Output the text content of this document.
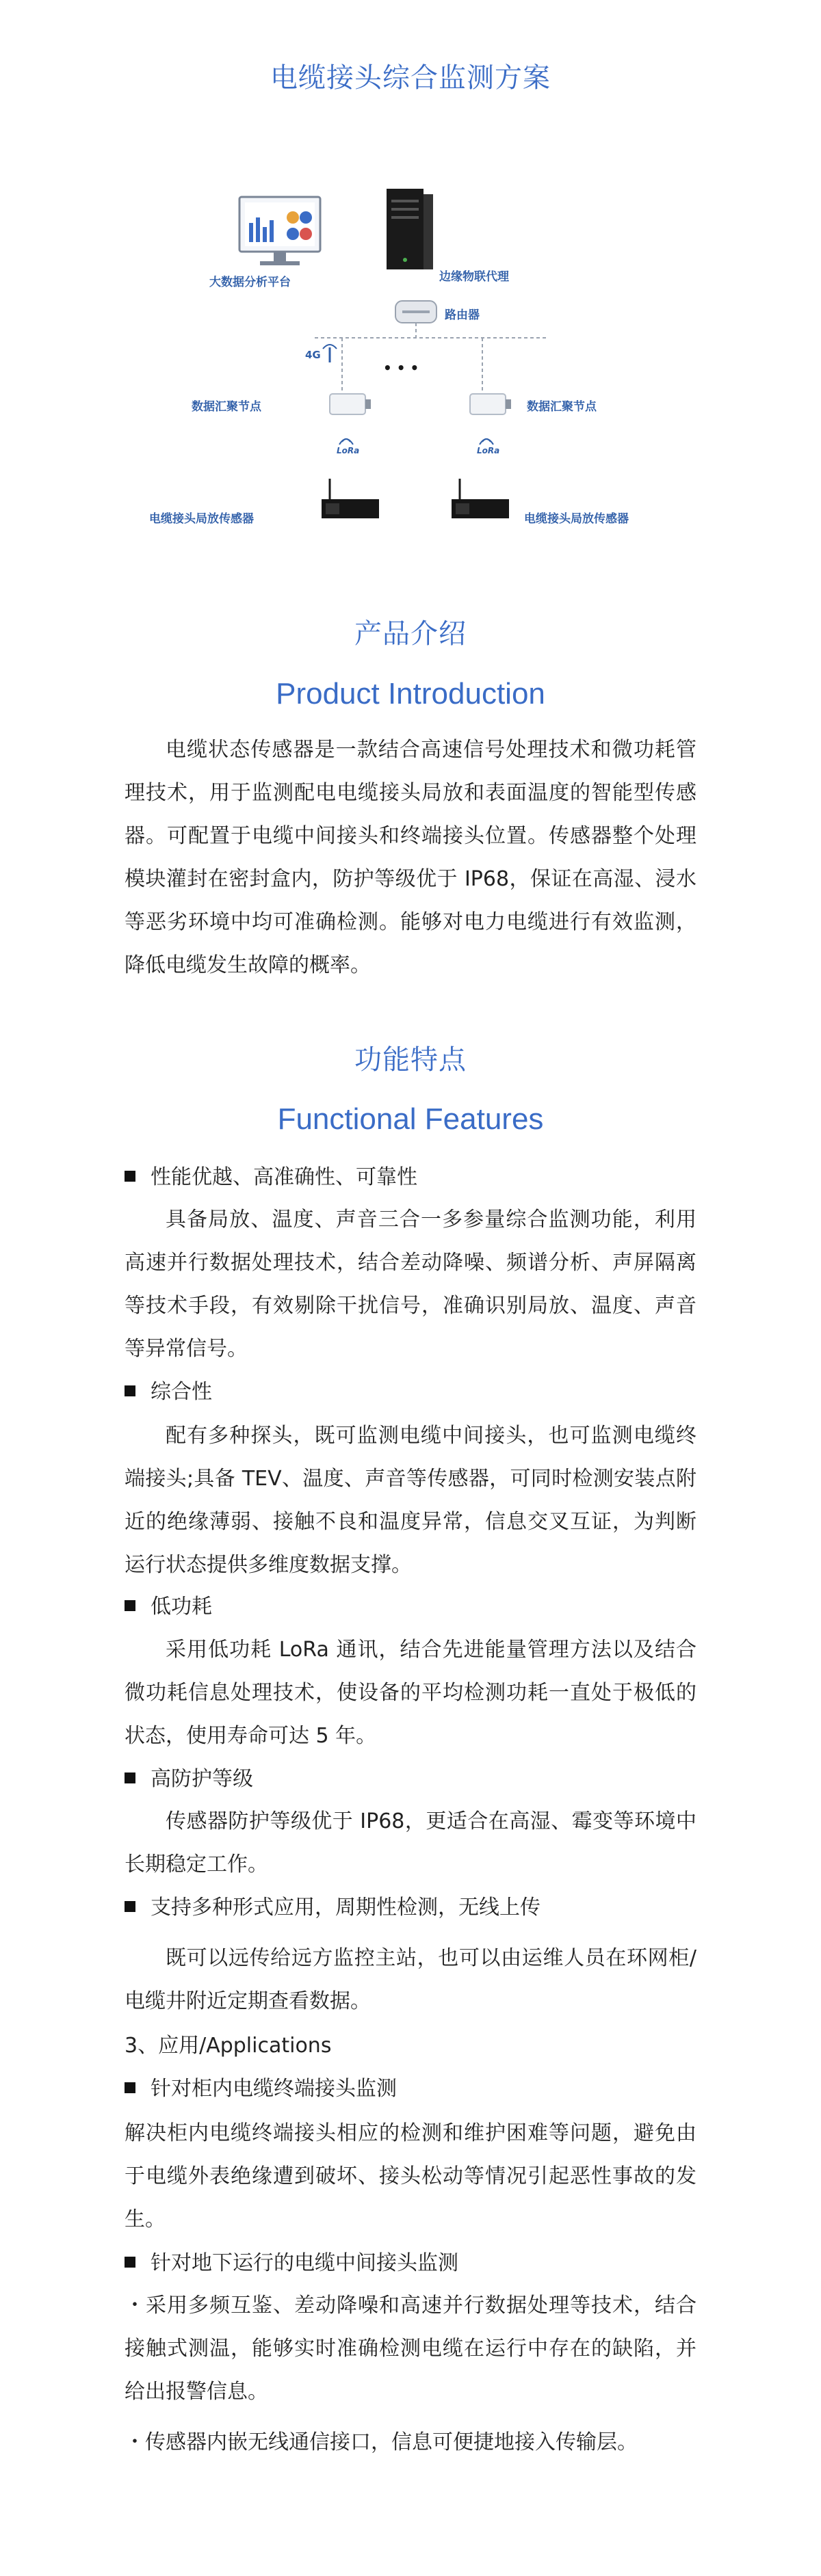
电缆接头综合监测方案
大数据分析平台	边缘物联代理
路由器
4G
• • •
数据汇聚节点	数据汇聚节点
LoRa	LoRa
电缆接头局放传感器	电缆接头局放传感器
产品介绍
Product Introduction

电缆状态传感器是一款结合高速信号处理技术和微功耗管理技术，用于监测配电电缆接头局放和表面温度的智能型传感器。可配置于电缆中间接头和终端接头位置。传感器整个处理模块灌封在密封盒内，防护等级优于 IP68，保证在高湿、浸水等恶劣环境中均可准确检测。能够对电力电缆进行有效监测，降低电缆发生故障的概率。

功能特点
Functional Features
性能优越、高准确性、可靠性

具备局放、温度、声音三合一多参量综合监测功能，利用高速并行数据处理技术，结合差动降噪、频谱分析、声屏隔离等技术手段，有效剔除干扰信号，准确识别局放、温度、声音等异常信号。

综合性

配有多种探头，既可监测电缆中间接头，也可监测电缆终端接头;具备 TEV、温度、声音等传感器，可同时检测安装点附近的绝缘薄弱、接触不良和温度异常，信息交叉互证，为判断运行状态提供多维度数据支撑。

低功耗

采用低功耗 LoRa 通讯，结合先进能量管理方法以及结合微功耗信息处理技术，使设备的平均检测功耗一直处于极低的状态，使用寿命可达 5 年。

高防护等级

传感器防护等级优于 IP68，更适合在高湿、霉变等环境中长期稳定工作。

支持多种形式应用，周期性检测，无线上传

既可以远传给远方监控主站，也可以由运维人员在环网柜/电缆井附近定期查看数据。

3、应用/Applications
针对柜内电缆终端接头监测

解决柜内电缆终端接头相应的检测和维护困难等问题，避免由于电缆外表绝缘遭到破坏、接头松动等情况引起恶性事故的发生。

针对地下运行的电缆中间接头监测

・采用多频互鉴、差动降噪和高速并行数据处理等技术，结合接触式测温，能够实时准确检测电缆在运行中存在的缺陷，并给出报警信息。

・传感器内嵌无线通信接口，信息可便捷地接入传输层。
